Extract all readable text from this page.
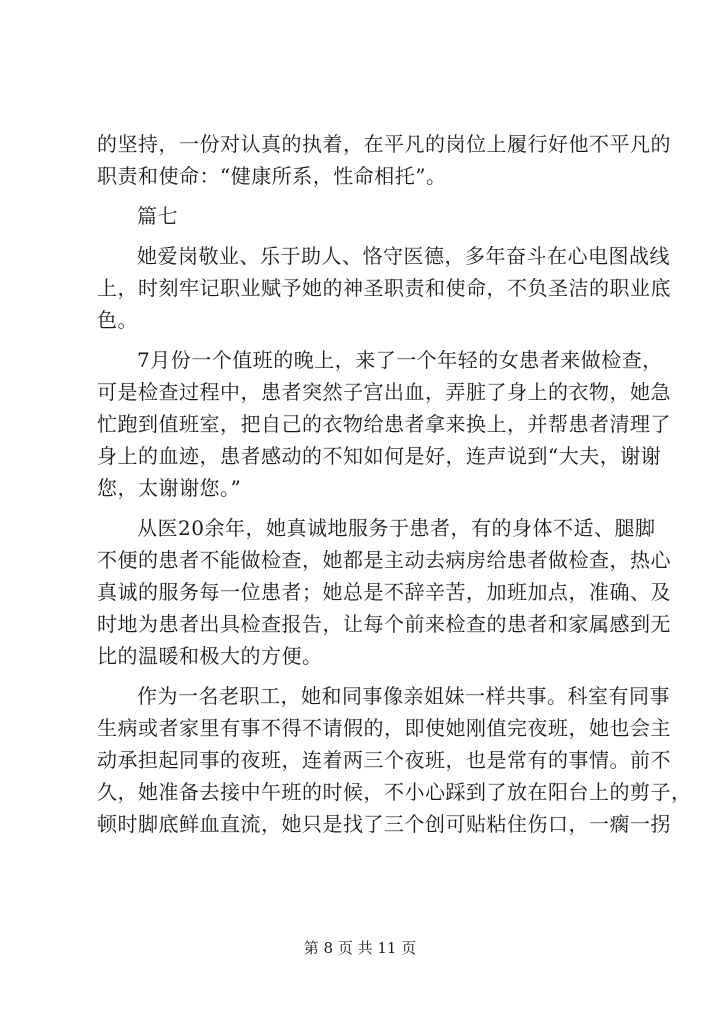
的坚持，一份对认真的执着，在平凡的岗位上履行好他不平凡的
职责和使命：“健康所系，性命相托”。
篇七
她爱岗敬业、乐于助人、恪守医德，多年奋斗在心电图战线
上，时刻牢记职业赋予她的神圣职责和使命，不负圣洁的职业底
色。
7月份一个值班的晚上，来了一个年轻的女患者来做检查，
可是检查过程中，患者突然子宫出血，弄脏了身上的衣物，她急
忙跑到值班室，把自己的衣物给患者拿来换上，并帮患者清理了
身上的血迹，患者感动的不知如何是好，连声说到“大夫，谢谢
您，太谢谢您。”
从医20余年，她真诚地服务于患者，有的身体不适、腿脚
不便的患者不能做检查，她都是主动去病房给患者做检查，热心
真诚的服务每一位患者；她总是不辞辛苦，加班加点，准确、及
时地为患者出具检查报告，让每个前来检查的患者和家属感到无
比的温暖和极大的方便。
作为一名老职工，她和同事像亲姐妹一样共事。科室有同事
生病或者家里有事不得不请假的，即使她刚值完夜班，她也会主
动承担起同事的夜班，连着两三个夜班，也是常有的事情。前不
久，她准备去接中午班的时候，不小心踩到了放在阳台上的剪子，
顿时脚底鲜血直流，她只是找了三个创可贴粘住伤口，一瘸一拐
第 8 页 共 11 页
